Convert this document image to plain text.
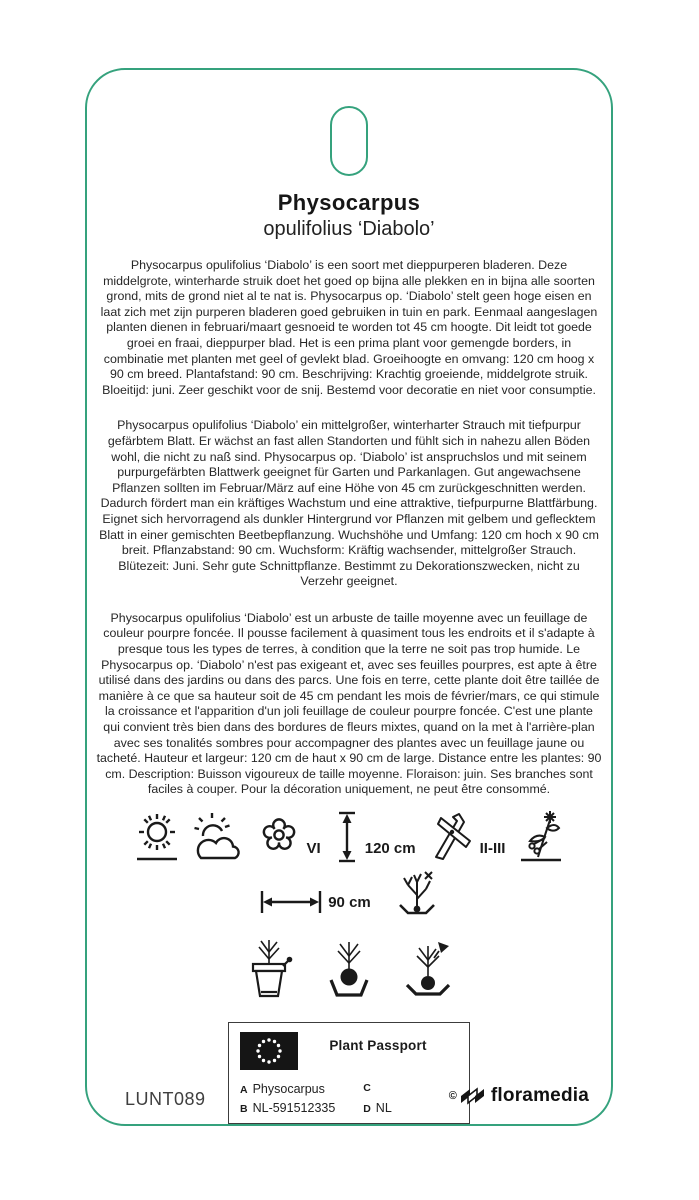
Physocarpus
opulifolius ‘Diabolo’

Physocarpus opulifolius ‘Diabolo’ is een soort met dieppurperen bladeren. Deze middelgrote, winterharde struik doet het goed op bijna alle plekken en in bijna alle soorten grond, mits de grond niet al te nat is. Physocarpus op. ‘Diabolo’ stelt geen hoge eisen en laat zich met zijn purperen bladeren goed gebruiken in tuin en park. Eenmaal aangeslagen planten dienen in februari/maart gesnoeid te worden tot 45 cm hoogte. Dit leidt tot goede groei en fraai, dieppurper blad. Het is een prima plant voor gemengde borders, in combinatie met planten met geel of gevlekt blad. Groeihoogte en omvang: 120 cm hoog x 90 cm breed. Plantafstand: 90 cm. Beschrijving: Krachtig groeiende, middelgrote struik. Bloeitijd: juni. Zeer geschikt voor de snij. Bestemd voor decoratie en niet voor consumptie.

Physocarpus opulifolius ‘Diabolo’ ein mittelgroßer, winterharter Strauch mit tiefpurpur gefärbtem Blatt. Er wächst an fast allen Standorten und fühlt sich in nahezu allen Böden wohl, die nicht zu naß sind. Physocarpus op. ‘Diabolo’ ist anspruchslos und mit seinem purpurgefärbten Blattwerk geeignet für Garten und Parkanlagen. Gut angewachsene Pflanzen sollten im Februar/März auf eine Höhe von 45 cm zurückgeschnitten werden. Dadurch fördert man ein kräftiges Wachstum und eine attraktive, tiefpurpurne Blattfärbung. Eignet sich hervorragend als dunkler Hintergrund vor Pflanzen mit gelbem und geflecktem Blatt in einer gemischten Beetbepflanzung. Wuchshöhe und Umfang: 120 cm hoch x 90 cm breit. Pflanzabstand: 90 cm. Wuchsform: Kräftig wachsender, mittelgroßer Strauch. Blütezeit: Juni. Sehr gute Schnittpflanze. Bestimmt zu Dekorationszwecken, nicht zu Verzehr geeignet.

Physocarpus opulifolius ‘Diabolo’ est un arbuste de taille moyenne avec un feuillage de couleur pourpre foncée. Il pousse facilement à quasiment tous les endroits et il s'adapte à presque tous les types de terres, à condition que la terre ne soit pas trop humide. Le Physocarpus op. ‘Diabolo’ n'est pas exigeant et, avec ses feuilles pourpres, est apte à être utilisé dans des jardins ou dans des parcs. Une fois en terre, cette plante doit être taillée de manière à ce que sa hauteur soit de 45 cm pendant les mois de février/mars, ce qui stimule la croissance et l'apparition d'un joli feuillage de couleur pourpre foncée. C'est une plante qui convient très bien dans des bordures de fleurs mixtes, quand on la met à l'arrière-plan avec ses tonalités sombres pour accompagner des plantes avec un feuillage jaune ou tacheté. Hauteur et largeur: 120 cm de haut x 90 cm de large. Distance entre les plantes: 90 cm. Description: Buisson vigoureux de taille moyenne. Floraison: juin. Ses branches sont faciles à couper. Pour la décoration uniquement, ne peut être consommé.

VI	120 cm	II-III
90 cm
Plant Passport
A Physocarpus	C
B NL-591512335	D NL
LUNT089	© floramedia
